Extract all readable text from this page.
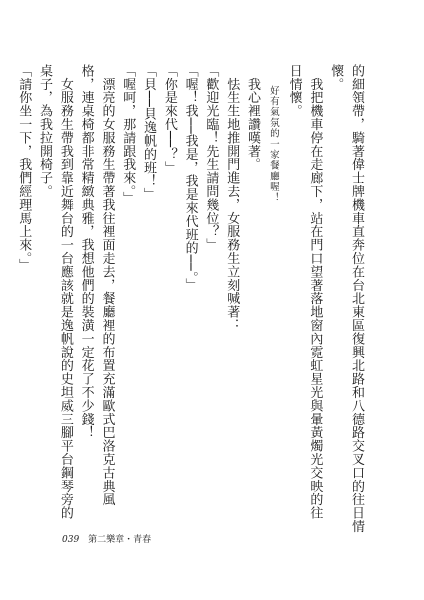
的細領帶，騎著偉士牌機車直奔位在台北東區復興北路和八德路交叉口的往日情
懷。
　我把機車停在走廊下，站在門口望著落地窗內霓虹星光與暈黃燭光交映的往
日情懷。
　　好有氣氛的一家餐廳喔！
　我心裡讚嘆著。
　怯生生地推開門進去，女服務生立刻喊著：
「歡迎光臨！先生請問幾位？」
「喔！我──我是，我是來代班的──。」
「你是來代──？」
「貝──貝逸帆的班！」
「喔呵，那請跟我來。」
　漂亮的女服務生帶著我往裡面走去，餐廳裡的布置充滿歐式巴洛克古典風
格，連桌椅都非常精緻典雅，我想他們的裝潢一定花了不少錢！
　女服務生帶我到靠近舞台的一台應該就是逸帆說的史坦威三腳平台鋼琴旁的
桌子，為我拉開椅子。
「請你坐一下，我們經理馬上來。」
039 第二樂章・青春
